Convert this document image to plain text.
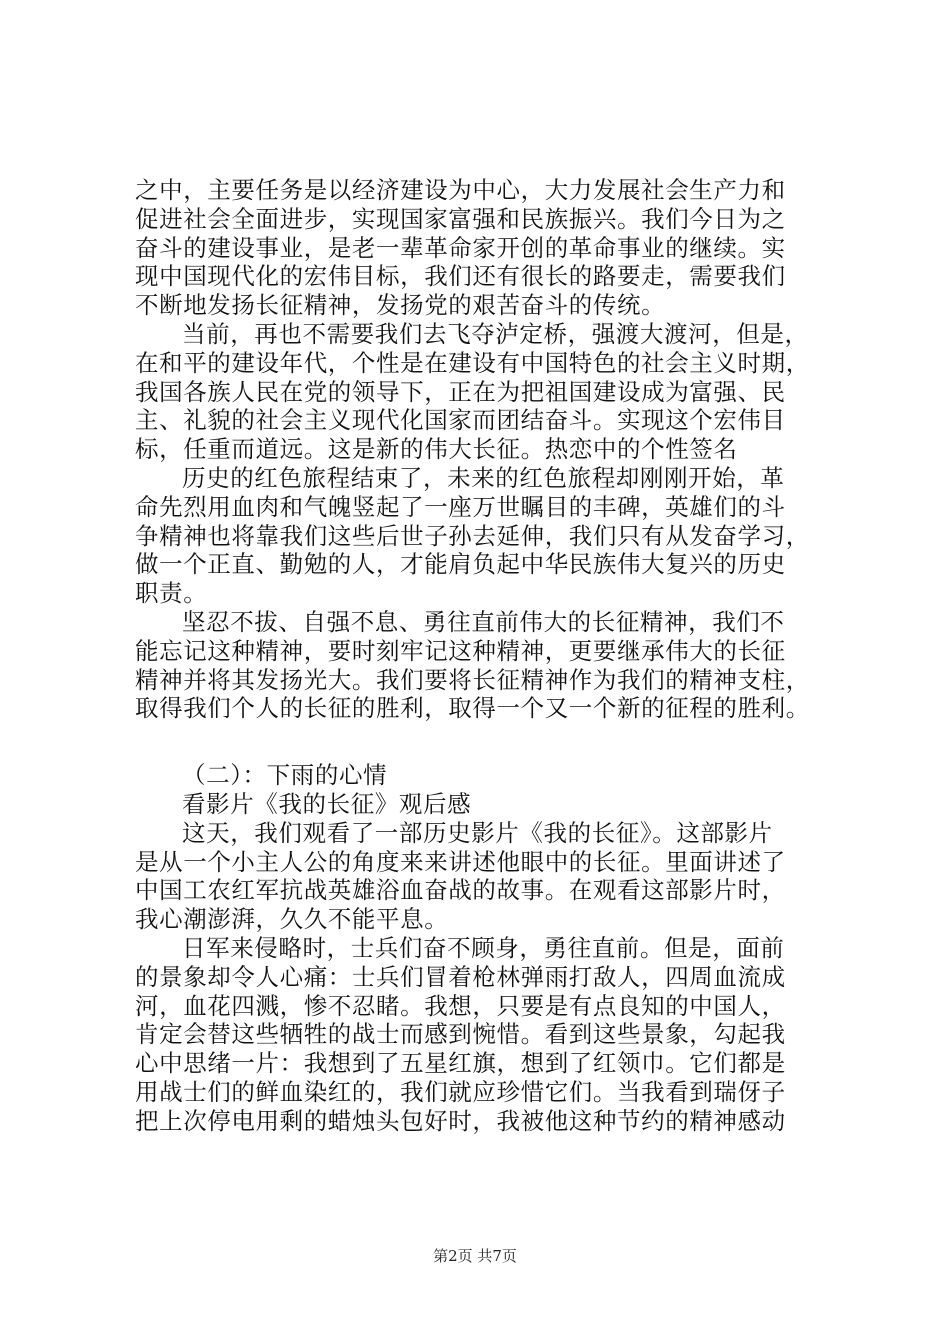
之中，主要任务是以经济建设为中心，大力发展社会生产力和
促进社会全面进步，实现国家富强和民族振兴。我们今日为之
奋斗的建设事业，是老一辈革命家开创的革命事业的继续。实
现中国现代化的宏伟目标，我们还有很长的路要走，需要我们
不断地发扬长征精神，发扬党的艰苦奋斗的传统。
当前，再也不需要我们去飞夺泸定桥，强渡大渡河，但是，
在和平的建设年代，个性是在建设有中国特色的社会主义时期，
我国各族人民在党的领导下，正在为把祖国建设成为富强、民
主、礼貌的社会主义现代化国家而团结奋斗。实现这个宏伟目
标，任重而道远。这是新的伟大长征。热恋中的个性签名
历史的红色旅程结束了，未来的红色旅程却刚刚开始，革
命先烈用血肉和气魄竖起了一座万世瞩目的丰碑，英雄们的斗
争精神也将靠我们这些后世子孙去延伸，我们只有从发奋学习，
做一个正直、勤勉的人，才能肩负起中华民族伟大复兴的历史
职责。
坚忍不拔、自强不息、勇往直前伟大的长征精神，我们不
能忘记这种精神，要时刻牢记这种精神，更要继承伟大的长征
精神并将其发扬光大。我们要将长征精神作为我们的精神支柱，
取得我们个人的长征的胜利，取得一个又一个新的征程的胜利。
（二）：下雨的心情
看影片《我的长征》观后感
这天，我们观看了一部历史影片《我的长征》。这部影片
是从一个小主人公的角度来来讲述他眼中的长征。里面讲述了
中国工农红军抗战英雄浴血奋战的故事。在观看这部影片时，
我心潮澎湃，久久不能平息。
日军来侵略时，士兵们奋不顾身，勇往直前。但是，面前
的景象却令人心痛：士兵们冒着枪林弹雨打敌人，四周血流成
河，血花四溅，惨不忍睹。我想，只要是有点良知的中国人，
肯定会替这些牺牲的战士而感到惋惜。看到这些景象，勾起我
心中思绪一片：我想到了五星红旗，想到了红领巾。它们都是
用战士们的鲜血染红的，我们就应珍惜它们。当我看到瑞伢子
把上次停电用剩的蜡烛头包好时，我被他这种节约的精神感动
第2页 共7页
